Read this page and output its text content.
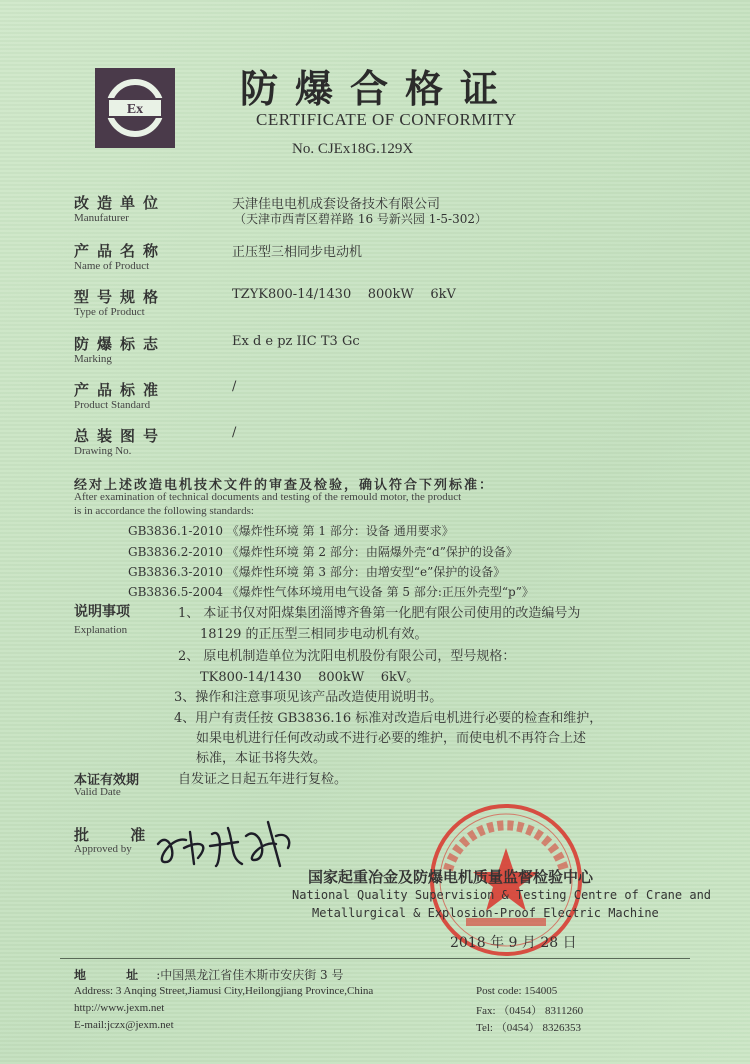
Ex	防爆合格证
CERTIFICATE OF CONFORMITY
No. CJEx18G.129X
改造单位
Manufaturer
天津佳电电机成套设备技术有限公司
（天津市西青区碧祥路 16 号新兴园 1-5-302）
产品名称
Name of Product
正压型三相同步电动机
型号规格
Type of Product
TZYK800-14/1430    800kW    6kV
防爆标志
Marking
Ex d e pz IIC T3 Gc
产品标准
Product Standard
/
总装图号
Drawing No.
/
经对上述改造电机技术文件的审查及检验，确认符合下列标准：
After examination of technical documents and testing of the remould motor, the product
is in accordance the following standards:
GB3836.1-2010 《爆炸性环境 第 1 部分：设备 通用要求》
GB3836.2-2010 《爆炸性环境 第 2 部分：由隔爆外壳“d”保护的设备》
GB3836.3-2010 《爆炸性环境 第 3 部分：由增安型“e”保护的设备》
GB3836.5-2004 《爆炸性气体环境用电气设备 第 5 部分:正压外壳型“p”》
说明事项
Explanation
1、 本证书仅对阳煤集团淄博齐鲁第一化肥有限公司使用的改造编号为
18129 的正压型三相同步电动机有效。
2、 原电机制造单位为沈阳电机股份有限公司，型号规格：
TK800-14/1430    800kW    6kV。
3、操作和注意事项见该产品改造使用说明书。
4、用户有责任按 GB3836.16 标准对改造后电机进行必要的检查和维护，
如果电机进行任何改动或不进行必要的维护，而使电机不再符合上述
标准，本证书将失效。
本证有效期
Valid Date
自发证之日起五年进行复检。
批 准
Approved by
国家起重冶金及防爆电机质量监督检验中心
National Quality Supervision & Testing Centre of Crane and
Metallurgical & Explosion-Proof Electric Machine
2018 年 9 月 28 日
地 址:中国黑龙江省佳木斯市安庆街 3 号
Address: 3 Anqing Street,Jiamusi City,Heilongjiang Province,China
http://www.jexm.net
E-mail:jczx@jexm.net
Post code: 154005
Fax: （0454） 8311260
Tel: （0454） 8326353
